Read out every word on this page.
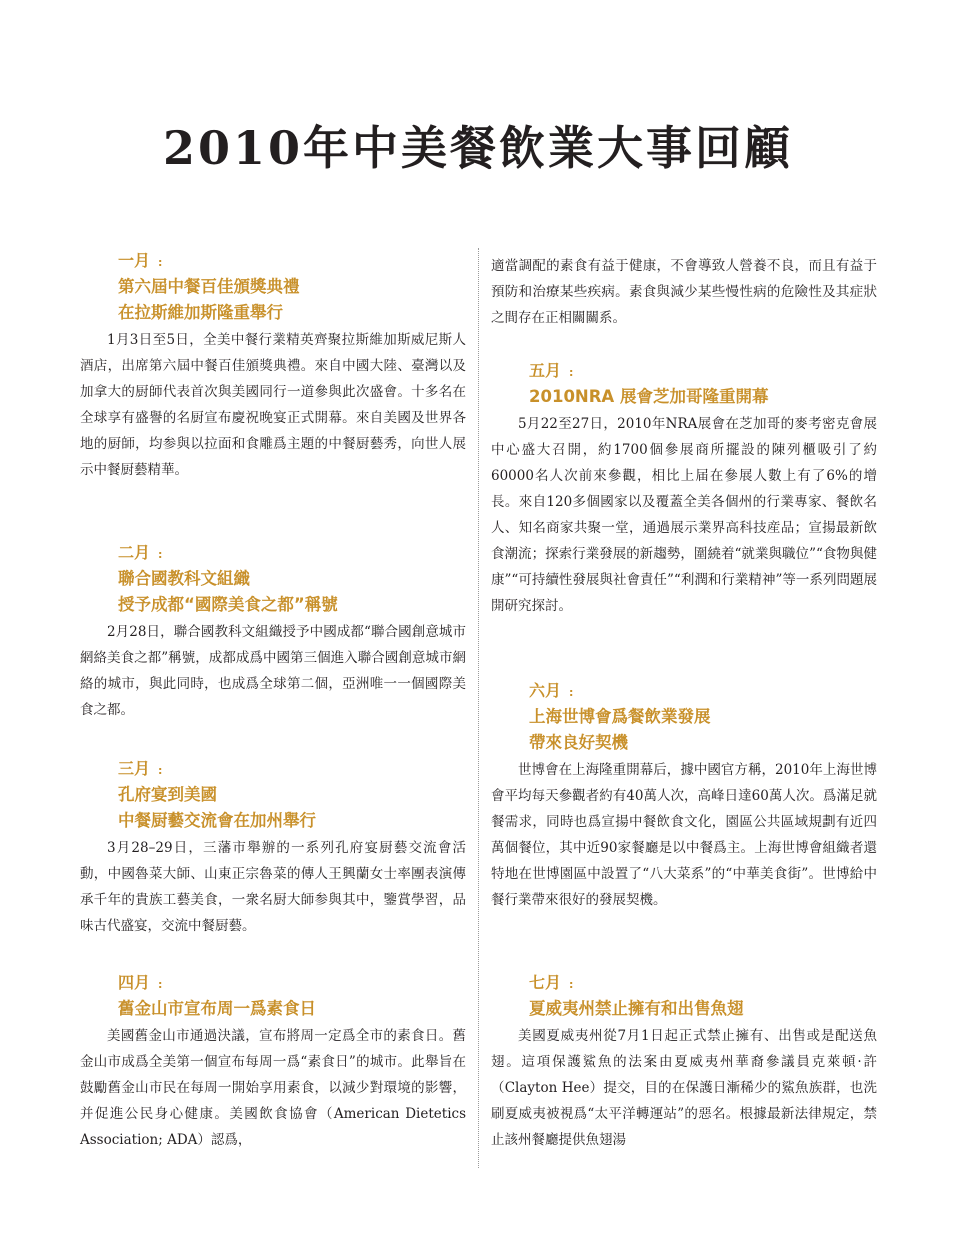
2010年中美餐飲業大事回顧
一月 :
第六屆中餐百佳頒獎典禮
在拉斯維加斯隆重舉行
1月3日至5日，全美中餐行業精英齊聚拉斯維加斯威尼斯人酒店，出席第六屆中餐百佳頒獎典禮。來自中國大陸、臺灣以及加拿大的厨師代表首次與美國同行一道參與此次盛會。十多名在全球享有盛譽的名厨宣布慶祝晚宴正式開幕。來自美國及世界各地的厨師，均参與以拉面和食雕爲主題的中餐厨藝秀，向世人展示中餐厨藝精華。
二月 :
聯合國教科文組織
授予成都“國際美食之都”稱號
2月28日，聯合國教科文組織授予中國成都“聯合國創意城市網絡美食之都”稱號，成都成爲中國第三個進入聯合國創意城市網絡的城市，與此同時，也成爲全球第二個，亞洲唯一一個國際美食之都。
三月 :
孔府宴到美國
中餐厨藝交流會在加州舉行
3月28–29日，三藩市舉辦的一系列孔府宴厨藝交流會活動，中國魯菜大師、山東正宗魯菜的傳人王興蘭女士率團表演傳承千年的貴族工藝美食，一衆名厨大師参與其中，鑒賞學習，品味古代盛宴，交流中餐厨藝。
四月 :
舊金山市宣布周一爲素食日
美國舊金山市通過決議，宣布將周一定爲全市的素食日。舊金山市成爲全美第一個宣布每周一爲“素食日”的城市。此舉旨在鼓勵舊金山市民在每周一開始享用素食，以減少對環境的影響，并促進公民身心健康。美國飲食協會（American Dietetics Association; ADA）認爲，
適當調配的素食有益于健康，不會導致人營養不良，而且有益于預防和治療某些疾病。素食與減少某些慢性病的危險性及其症狀之間存在正相關關系。
五月 :
2010NRA 展會芝加哥隆重開幕
5月22至27日，2010年NRA展會在芝加哥的麥考密克會展中心盛大召開，約1700個參展商所擺設的陳列櫃吸引了約60000名人次前來參觀，相比上届在參展人數上有了6%的增長。來自120多個國家以及覆蓋全美各個州的行業專家、餐飲名人、知名商家共聚一堂，通過展示業界高科技産品；宣揚最新飲食潮流；探索行業發展的新趨勢，圍繞着“就業與職位”“食物與健康”“可持續性發展與社會責任”“利潤和行業精神”等一系列問題展開研究探討。
六月 :
上海世博會爲餐飲業發展
帶來良好契機
世博會在上海隆重開幕后，據中國官方稱，2010年上海世博會平均每天參觀者約有40萬人次，高峰日達60萬人次。爲滿足就餐需求，同時也爲宣揚中餐飲食文化，園區公共區域規劃有近四萬個餐位，其中近90家餐廳是以中餐爲主。上海世博會組織者還特地在世博園區中設置了“八大菜系”的“中華美食街”。世博給中餐行業帶來很好的發展契機。
七月 :
夏威夷州禁止擁有和出售魚翅
美國夏威夷州從7月1日起正式禁止擁有、出售或是配送魚翅。這項保護鯊魚的法案由夏威夷州華裔參議員克萊頓·許（Clayton Hee）提交，目的在保護日漸稀少的鯊魚族群，也洗刷夏威夷被視爲“太平洋轉運站”的惡名。根據最新法律規定，禁止該州餐廳提供魚翅湯
